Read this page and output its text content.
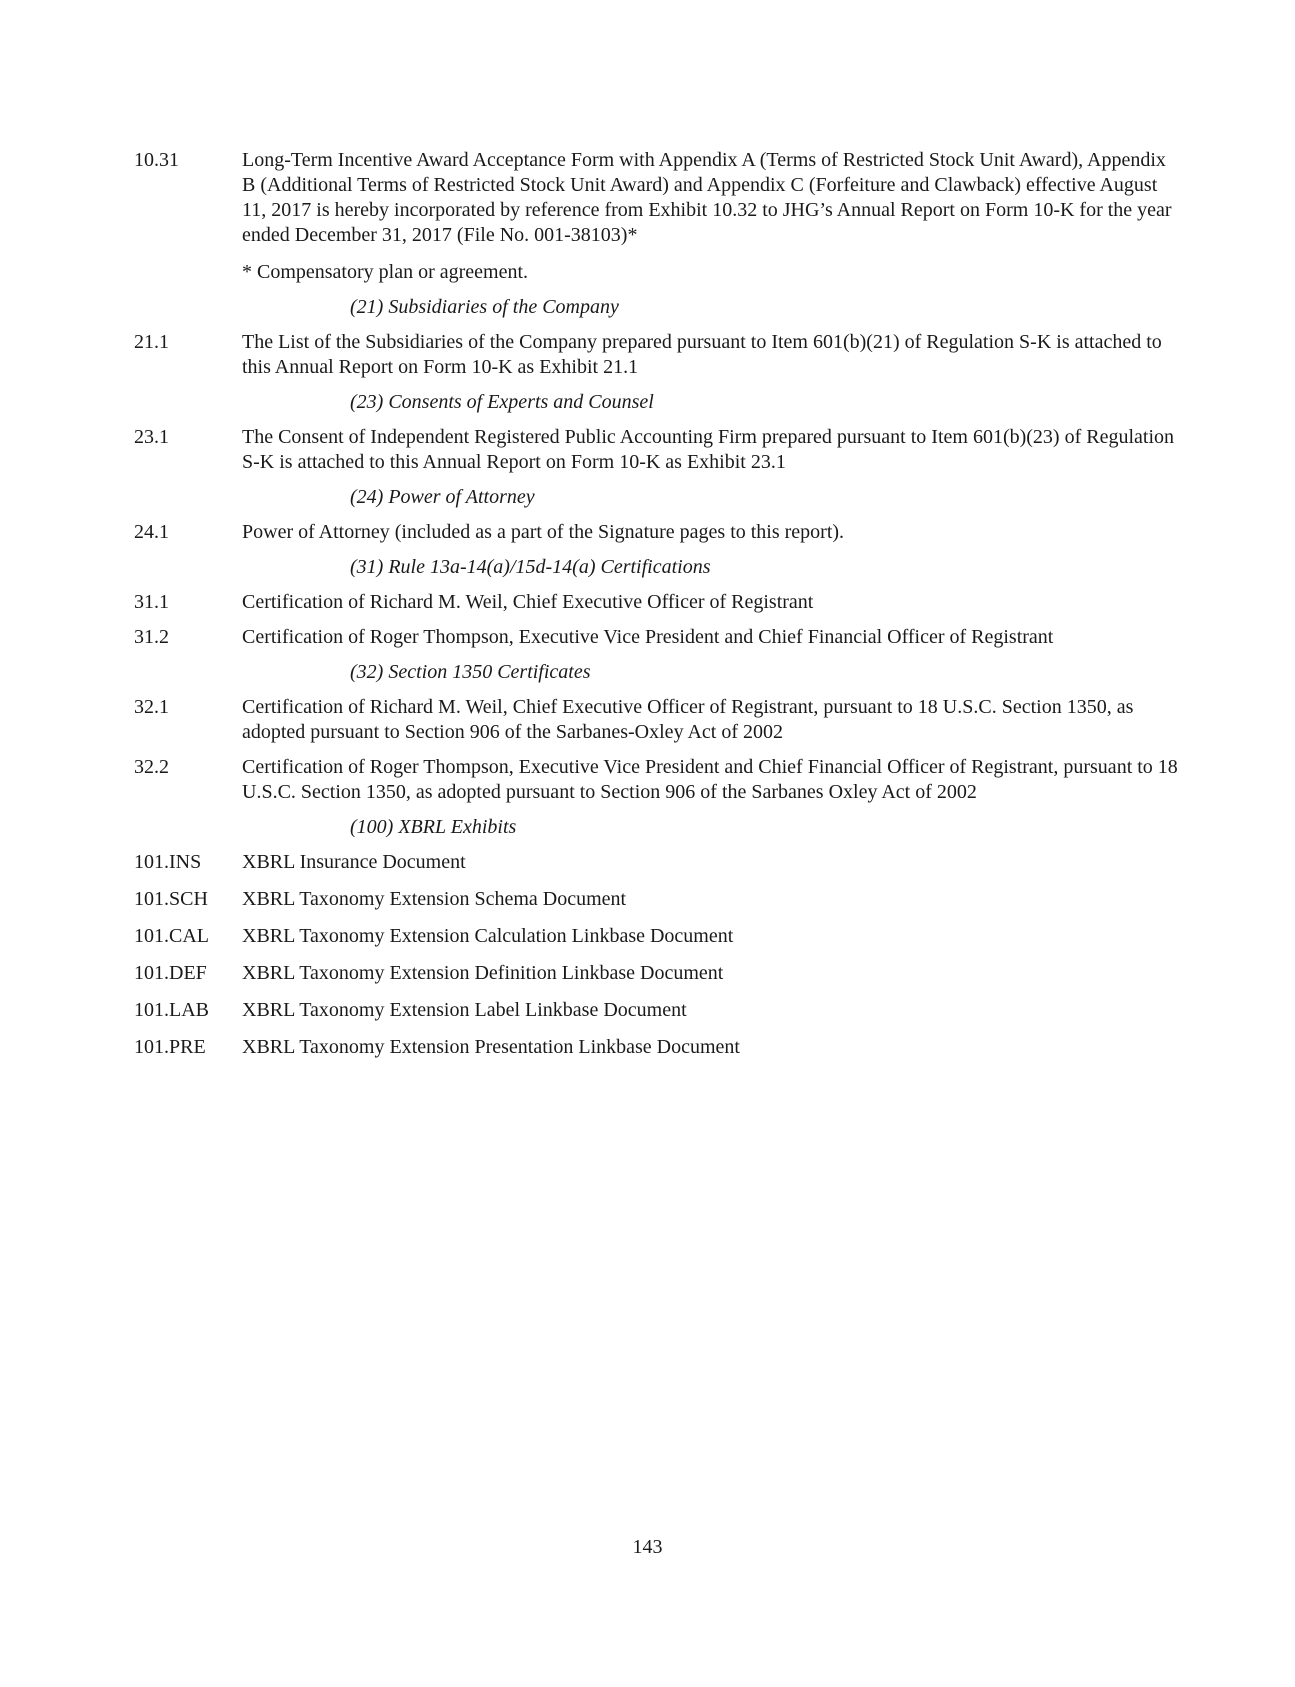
10.31	Long-Term Incentive Award Acceptance Form with Appendix A (Terms of Restricted Stock Unit Award), Appendix B (Additional Terms of Restricted Stock Unit Award) and Appendix C (Forfeiture and Clawback) effective August 11, 2017 is hereby incorporated by reference from Exhibit 10.32 to JHG’s Annual Report on Form 10-K for the year ended December 31, 2017 (File No. 001-38103)*
* Compensatory plan or agreement.
(21) Subsidiaries of the Company
21.1	The List of the Subsidiaries of the Company prepared pursuant to Item 601(b)(21) of Regulation S-K is attached to this Annual Report on Form 10-K as Exhibit 21.1
(23) Consents of Experts and Counsel
23.1	The Consent of Independent Registered Public Accounting Firm prepared pursuant to Item 601(b)(23) of Regulation S-K is attached to this Annual Report on Form 10-K as Exhibit 23.1
(24) Power of Attorney
24.1	Power of Attorney (included as a part of the Signature pages to this report).
(31) Rule 13a-14(a)/15d-14(a) Certifications
31.1	Certification of Richard M. Weil, Chief Executive Officer of Registrant
31.2	Certification of Roger Thompson, Executive Vice President and Chief Financial Officer of Registrant
(32) Section 1350 Certificates
32.1	Certification of Richard M. Weil, Chief Executive Officer of Registrant, pursuant to 18 U.S.C. Section 1350, as adopted pursuant to Section 906 of the Sarbanes-Oxley Act of 2002
32.2	Certification of Roger Thompson, Executive Vice President and Chief Financial Officer of Registrant, pursuant to 18 U.S.C. Section 1350, as adopted pursuant to Section 906 of the Sarbanes Oxley Act of 2002
(100) XBRL Exhibits
101.INS	XBRL Insurance Document
101.SCH	XBRL Taxonomy Extension Schema Document
101.CAL	XBRL Taxonomy Extension Calculation Linkbase Document
101.DEF	XBRL Taxonomy Extension Definition Linkbase Document
101.LAB	XBRL Taxonomy Extension Label Linkbase Document
101.PRE	XBRL Taxonomy Extension Presentation Linkbase Document
143
